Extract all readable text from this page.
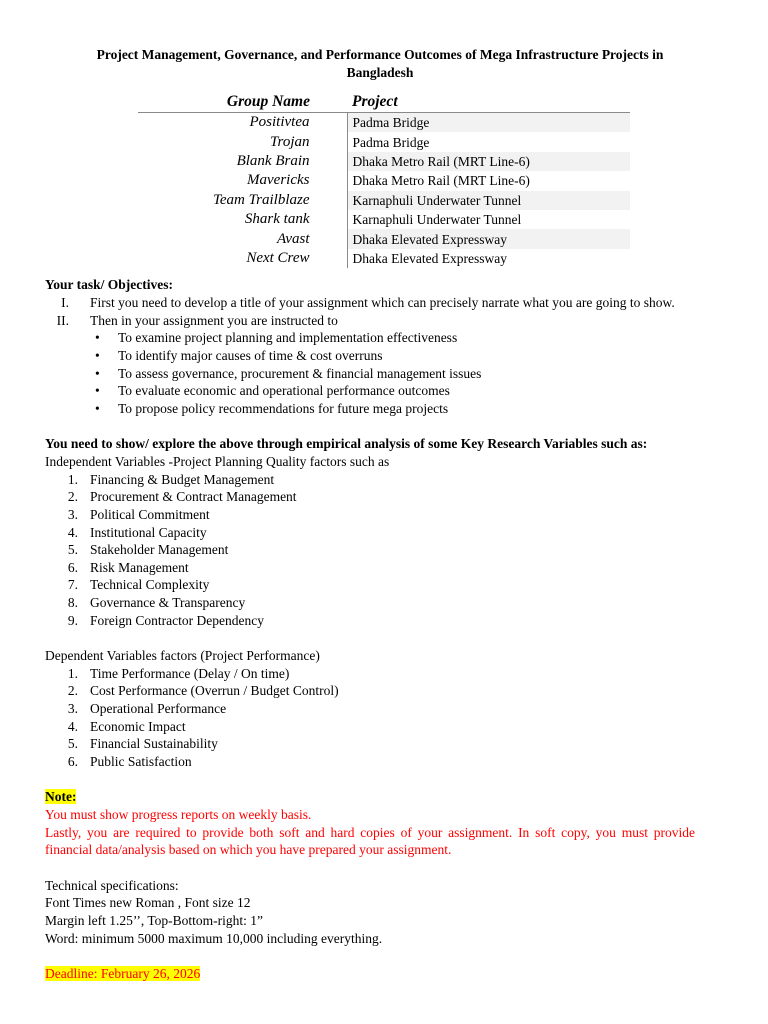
Project Management, Governance, and Performance Outcomes of Mega Infrastructure Projects in Bangladesh
Group Name	Project
Positivtea	Padma Bridge
Trojan	Padma Bridge
Blank Brain	Dhaka Metro Rail (MRT Line-6)
Mavericks	Dhaka Metro Rail (MRT Line-6)
Team Trailblaze	Karnaphuli Underwater Tunnel
Shark tank	Karnaphuli Underwater Tunnel
Avast	Dhaka Elevated Expressway
Next Crew	Dhaka Elevated Expressway
Your task/ Objectives:
I. First you need to develop a title of your assignment which can precisely narrate what you are going to show.
II. Then in your assignment you are instructed to
• To examine project planning and implementation effectiveness
• To identify major causes of time & cost overruns
• To assess governance, procurement & financial management issues
• To evaluate economic and operational performance outcomes
• To propose policy recommendations for future mega projects
You need to show/ explore the above through empirical analysis of some Key Research Variables such as:
Independent Variables -Project Planning Quality factors such as
1. Financing & Budget Management
2. Procurement & Contract Management
3. Political Commitment
4. Institutional Capacity
5. Stakeholder Management
6. Risk Management
7. Technical Complexity
8. Governance & Transparency
9. Foreign Contractor Dependency
Dependent Variables factors (Project Performance)
1. Time Performance (Delay / On time)
2. Cost Performance (Overrun / Budget Control)
3. Operational Performance
4. Economic Impact
5. Financial Sustainability
6. Public Satisfaction
Note:
You must show progress reports on weekly basis.
Lastly, you are required to provide both soft and hard copies of your assignment. In soft copy, you must provide financial data/analysis based on which you have prepared your assignment.
Technical specifications:
Font Times new Roman , Font size 12
Margin left 1.25’’, Top-Bottom-right: 1”
Word: minimum 5000 maximum 10,000 including everything.
Deadline: February 26, 2026
